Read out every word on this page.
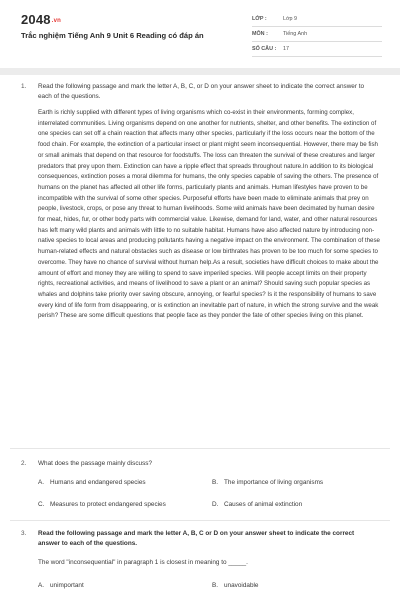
2048.vn
Trắc nghiệm Tiếng Anh 9 Unit 6 Reading có đáp án
LỚP :	Lớp 9
MÔN :	Tiếng Anh
SỐ CÂU : 17
1. Read the following passage and mark the letter A, B, C, or D on your answer sheet to indicate the correct answer to each of the questions.
Earth is richly supplied with different types of living organisms which co-exist in their environments, forming complex, interrelated communities. Living organisms depend on one another for nutrients, shelter, and other benefits. The extinction of one species can set off a chain reaction that affects many other species, particularly if the loss occurs near the bottom of the food chain. For example, the extinction of a particular insect or plant might seem inconsequential. However, there may be fish or small animals that depend on that resource for foodstuffs. The loss can threaten the survival of these creatures and larger predators that prey upon them. Extinction can have a ripple effect that spreads throughout nature.In addition to its biological consequences, extinction poses a moral dilemma for humans, the only species capable of saving the others. The presence of humans on the planet has affected all other life forms, particularly plants and animals. Human lifestyles have proven to be incompatible with the survival of some other species. Purposeful efforts have been made to eliminate animals that prey on people, livestock, crops, or pose any threat to human livelihoods. Some wild animals have been decimated by human desire for meat, hides, fur, or other body parts with commercial value. Likewise, demand for land, water, and other natural resources has left many wild plants and animals with little to no suitable habitat. Humans have also affected nature by introducing non-native species to local areas and producing pollutants having a negative impact on the environment. The combination of these human-related effects and natural obstacles such as disease or low birthrates has proven to be too much for some species to overcome. They have no chance of survival without human help.As a result, societies have difficult choices to make about the amount of effort and money they are willing to spend to save imperiled species. Will people accept limits on their property rights, recreational activities, and means of livelihood to save a plant or an animal? Should saving such popular species as whales and dolphins take priority over saving obscure, annoying, or fearful species? Is it the responsibility of humans to save every kind of life form from disappearing, or is extinction an inevitable part of nature, in which the strong survive and the weak perish? These are some difficult questions that people face as they ponder the fate of other species living on this planet.
2. What does the passage mainly discuss?
A. Humans and endangered species	B. The importance of living organisms
C. Measures to protect endangered species	D. Causes of animal extinction
3. Read the following passage and mark the letter A, B, C or D on your answer sheet to indicate the correct answer to each of the questions.
The word "inconsequential" in paragraph 1 is closest in meaning to _____.
A. unimportant	B. unavoidable
